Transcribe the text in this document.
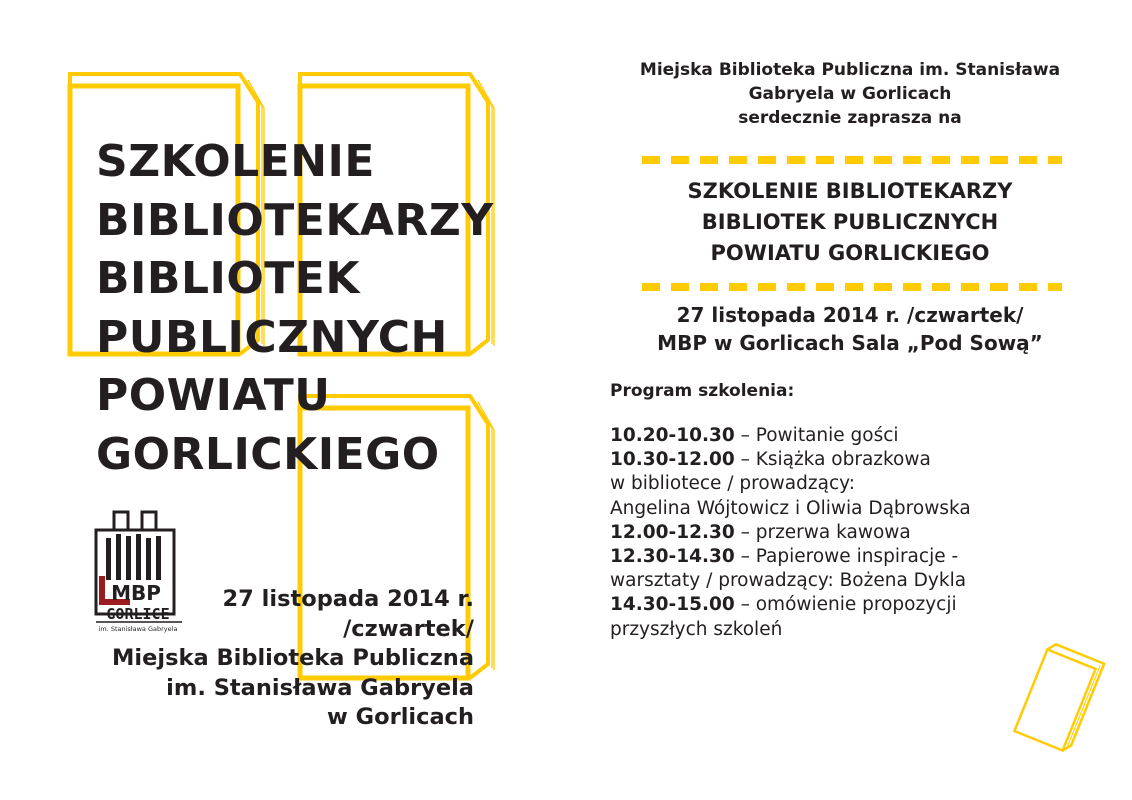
SZKOLENIE
BIBLIOTEKARZY
BIBLIOTEK
PUBLICZNYCH
POWIATU
GORLICKIEGO
MBP
GORLICE
im. Stanisława Gabryela
27 listopada 2014 r.
/czwartek/
Miejska Biblioteka Publiczna
im. Stanisława Gabryela
w Gorlicach
Miejska Biblioteka Publiczna im. Stanisława
Gabryela w Gorlicach
serdecznie zaprasza na
SZKOLENIE BIBLIOTEKARZY
BIBLIOTEK PUBLICZNYCH
POWIATU GORLICKIEGO
27 listopada 2014 r. /czwartek/
MBP w Gorlicach Sala „Pod Sową”
Program szkolenia:
10.20-10.30 – Powitanie gości
10.30-12.00 – Książka obrazkowa
w bibliotece / prowadzący:
Angelina Wójtowicz i Oliwia Dąbrowska
12.00-12.30 – przerwa kawowa
12.30-14.30 – Papierowe inspiracje -
warsztaty / prowadzący: Bożena Dykla
14.30-15.00 – omówienie propozycji
przyszłych szkoleń
